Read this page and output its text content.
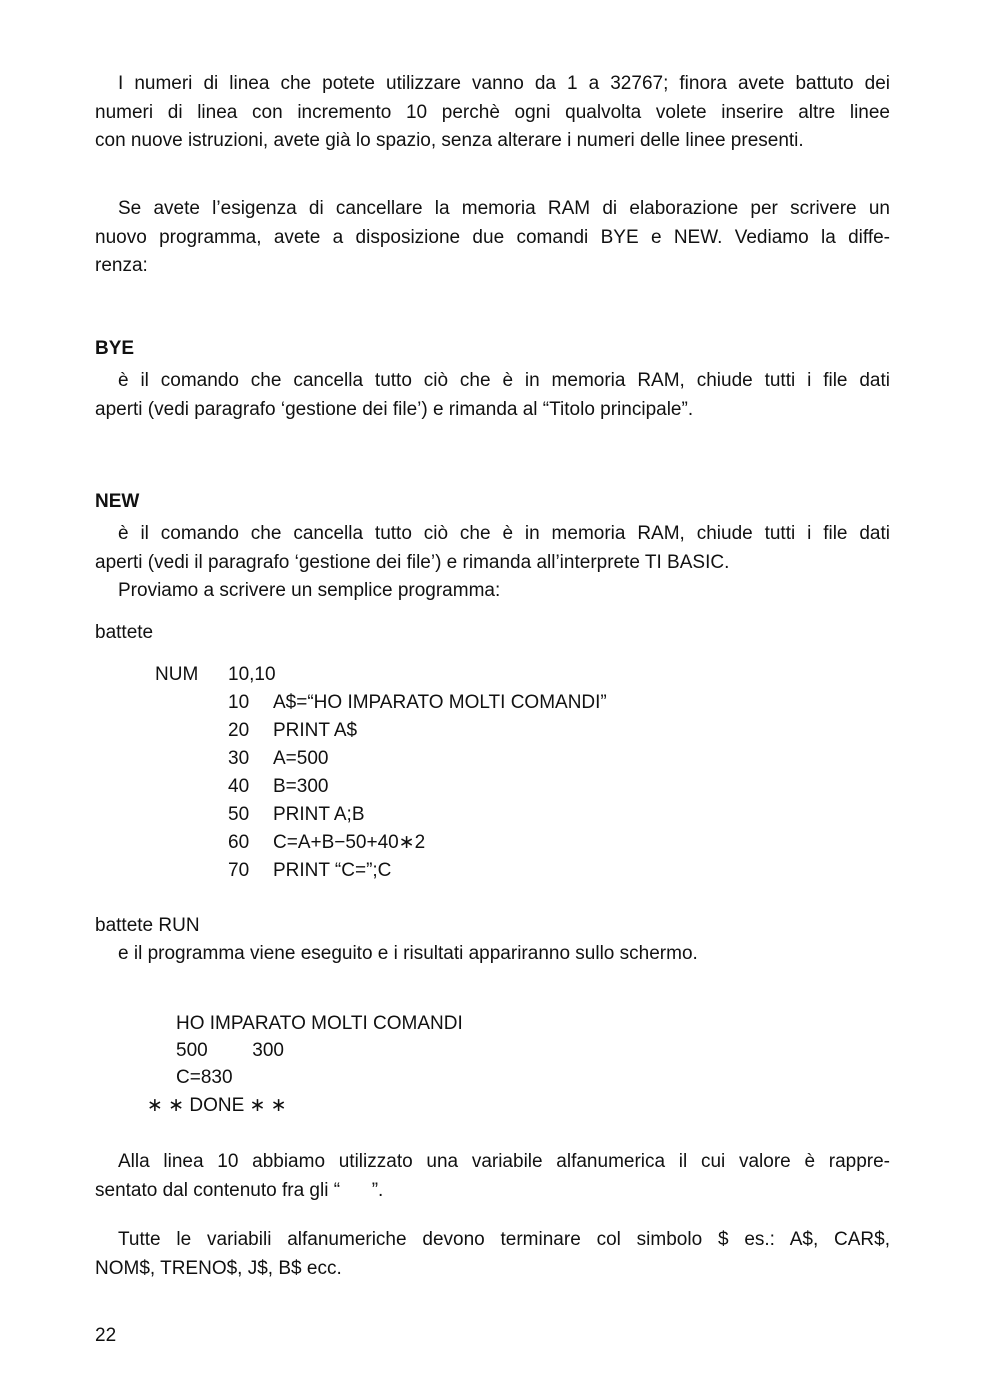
I numeri di linea che potete utilizzare vanno da 1 a 32767; finora avete battuto dei
numeri di linea con incremento 10 perchè ogni qualvolta volete inserire altre linee
con nuove istruzioni, avete già lo spazio, senza alterare i numeri delle linee presenti.
Se avete l’esigenza di cancellare la memoria RAM di elaborazione per scrivere un
nuovo programma, avete a disposizione due comandi BYE e NEW. Vediamo la diffe-
renza:
BYE
è il comando che cancella tutto ciò che è in memoria RAM, chiude tutti i file dati
aperti (vedi paragrafo ‘gestione dei file’) e rimanda al “Titolo principale”.
NEW
è il comando che cancella tutto ciò che è in memoria RAM, chiude tutti i file dati
aperti (vedi il paragrafo ‘gestione dei file’) e rimanda all’interprete TI BASIC.
Proviamo a scrivere un semplice programma:
battete
NUM 10,10
10	A$=“HO IMPARATO MOLTI COMANDI”
20	PRINT A$
30	A=500
40	B=300
50	PRINT A;B
60	C=A+B−50+40∗2
70	PRINT “C=”;C
battete RUN
e il programma viene eseguito e i risultati appariranno sullo schermo.
HO IMPARATO MOLTI COMANDI
500 300
C=830
∗ ∗ DONE ∗ ∗
Alla linea 10 abbiamo utilizzato una variabile alfanumerica il cui valore è rappre-
sentato dal contenuto fra gli “      ”.
Tutte le variabili alfanumeriche devono terminare col simbolo $ es.: A$, CAR$,
NOM$, TRENO$, J$, B$ ecc.
22
